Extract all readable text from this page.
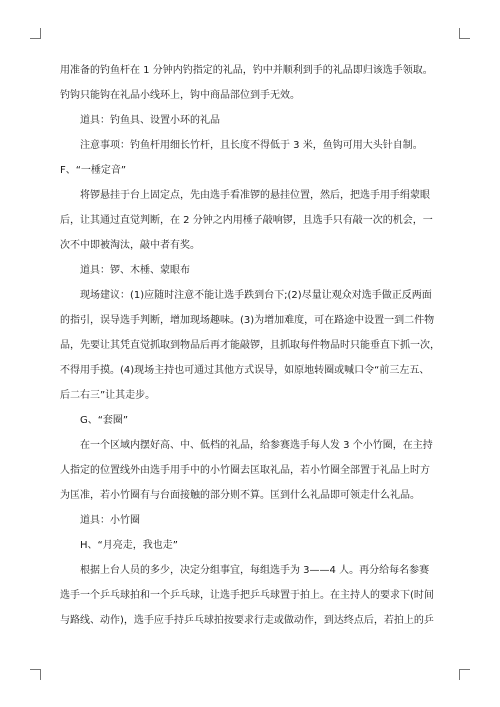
用准备的钓鱼杆在 1 分钟内钓指定的礼品，钓中并顺利到手的礼品即归该选手领取。
钓钩只能钩在礼品小线环上，钩中商品部位到手无效。
道具：钓鱼具、设置小环的礼品
注意事项：钓鱼杆用细长竹杆，且长度不得低于 3 米，鱼钩可用大头针自制。
F、“一棰定音”
将锣悬挂于台上固定点，先由选手看准锣的悬挂位置，然后，把选手用手绢蒙眼
后，让其通过直觉判断，在 2 分钟之内用棰子敲响锣，且选手只有敲一次的机会，一
次不中即被淘汰，敲中者有奖。
道具：锣、木棰、蒙眼布
现场建议：(1)应随时注意不能让选手跌到台下;(2)尽量让观众对选手做正反两面
的指引，误导选手判断，增加现场趣味。(3)为增加难度，可在路途中设置一到二件物
品，先要让其凭直觉抓取到物品后再才能敲锣，且抓取每件物品时只能垂直下抓一次，
不得用手摸。(4)现场主持也可通过其他方式误导，如原地转圈或喊口令“前三左五、
后二右三”让其走步。
G、“套圈”
在一个区域内摆好高、中、低档的礼品，给参赛选手每人发 3 个小竹圈，在主持
人指定的位置线外由选手用手中的小竹圈去匡取礼品，若小竹圈全部置于礼品上时方
为匡准，若小竹圈有与台面接触的部分则不算。匡到什么礼品即可领走什么礼品。
道具：小竹圈
H、“月亮走，我也走”
根据上台人员的多少，决定分组事宜，每组选手为 3——4 人。再分给每名参赛
选手一个乒乓球拍和一个乒乓球，让选手把乒乓球置于拍上。在主持人的要求下(时间
与路线、动作)，选手应手持乒乓球拍按要求行走或做动作，到达终点后，若拍上的乒
